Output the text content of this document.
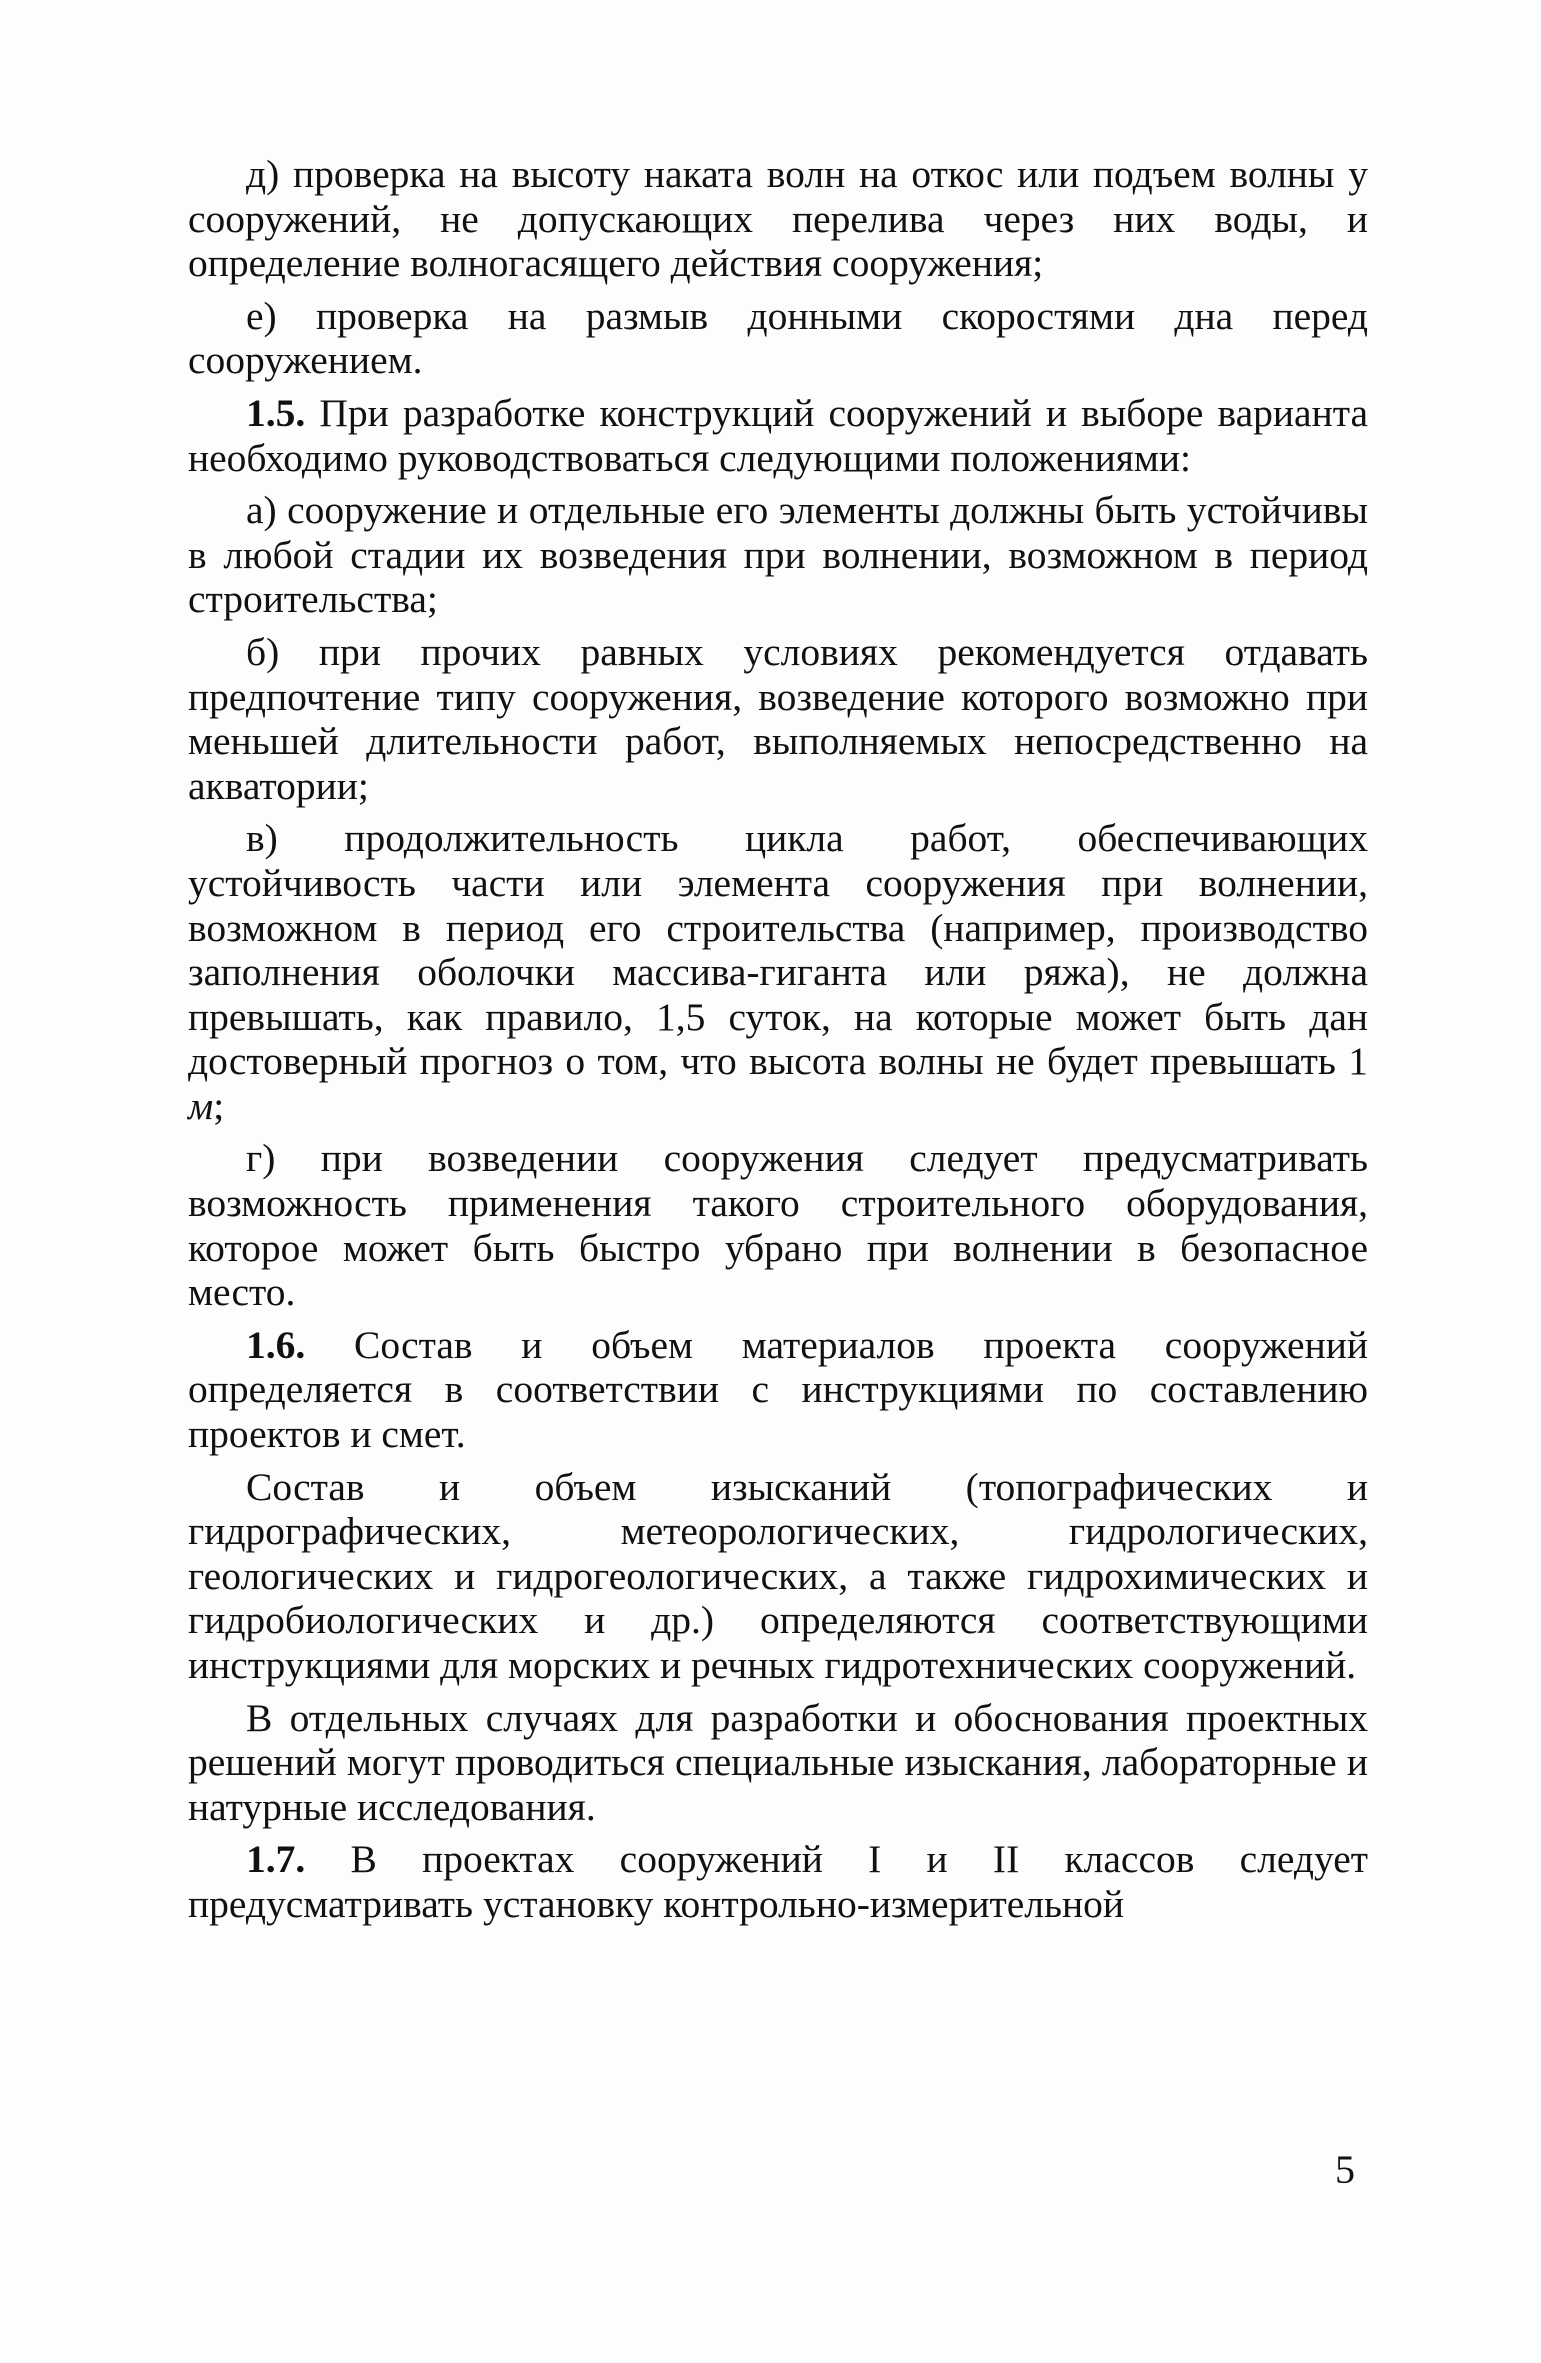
д) проверка на высоту наката волн на откос или подъем волны у сооружений, не допускающих перелива через них воды, и определение волногасящего действия сооружения;

е) проверка на размыв донными скоростями дна перед сооружением.

1.5. При разработке конструкций сооружений и выборе варианта необходимо руководствоваться следующими положениями:

а) сооружение и отдельные его элементы должны быть устойчивы в любой стадии их возведения при волнении, возможном в период строительства;

б) при прочих равных условиях рекомендуется отдавать предпочтение типу сооружения, возведение которого возможно при меньшей длительности работ, выполняемых непосредственно на акватории;

в) продолжительность цикла работ, обеспечивающих устойчивость части или элемента сооружения при волнении, возможном в период его строительства (например, производство заполнения оболочки массива-гиганта или ряжа), не должна превышать, как правило, 1,5 суток, на которые может быть дан достоверный прогноз о том, что высота волны не будет превышать 1 м;

г) при возведении сооружения следует предусматривать возможность применения такого строительного оборудования, которое может быть быстро убрано при волнении в безопасное место.

1.6. Состав и объем материалов проекта сооружений определяется в соответствии с инструкциями по составлению проектов и смет.

Состав и объем изысканий (топографических и гидрографических, метеорологических, гидрологических, геологических и гидрогеологических, а также гидрохимических и гидробиологических и др.) определяются соответствующими инструкциями для морских и речных гидротехнических сооружений.

В отдельных случаях для разработки и обоснования проектных решений могут проводиться специальные изыскания, лабораторные и натурные исследования.

1.7. В проектах сооружений I и II классов следует предусматривать установку контрольно-измерительной

5
